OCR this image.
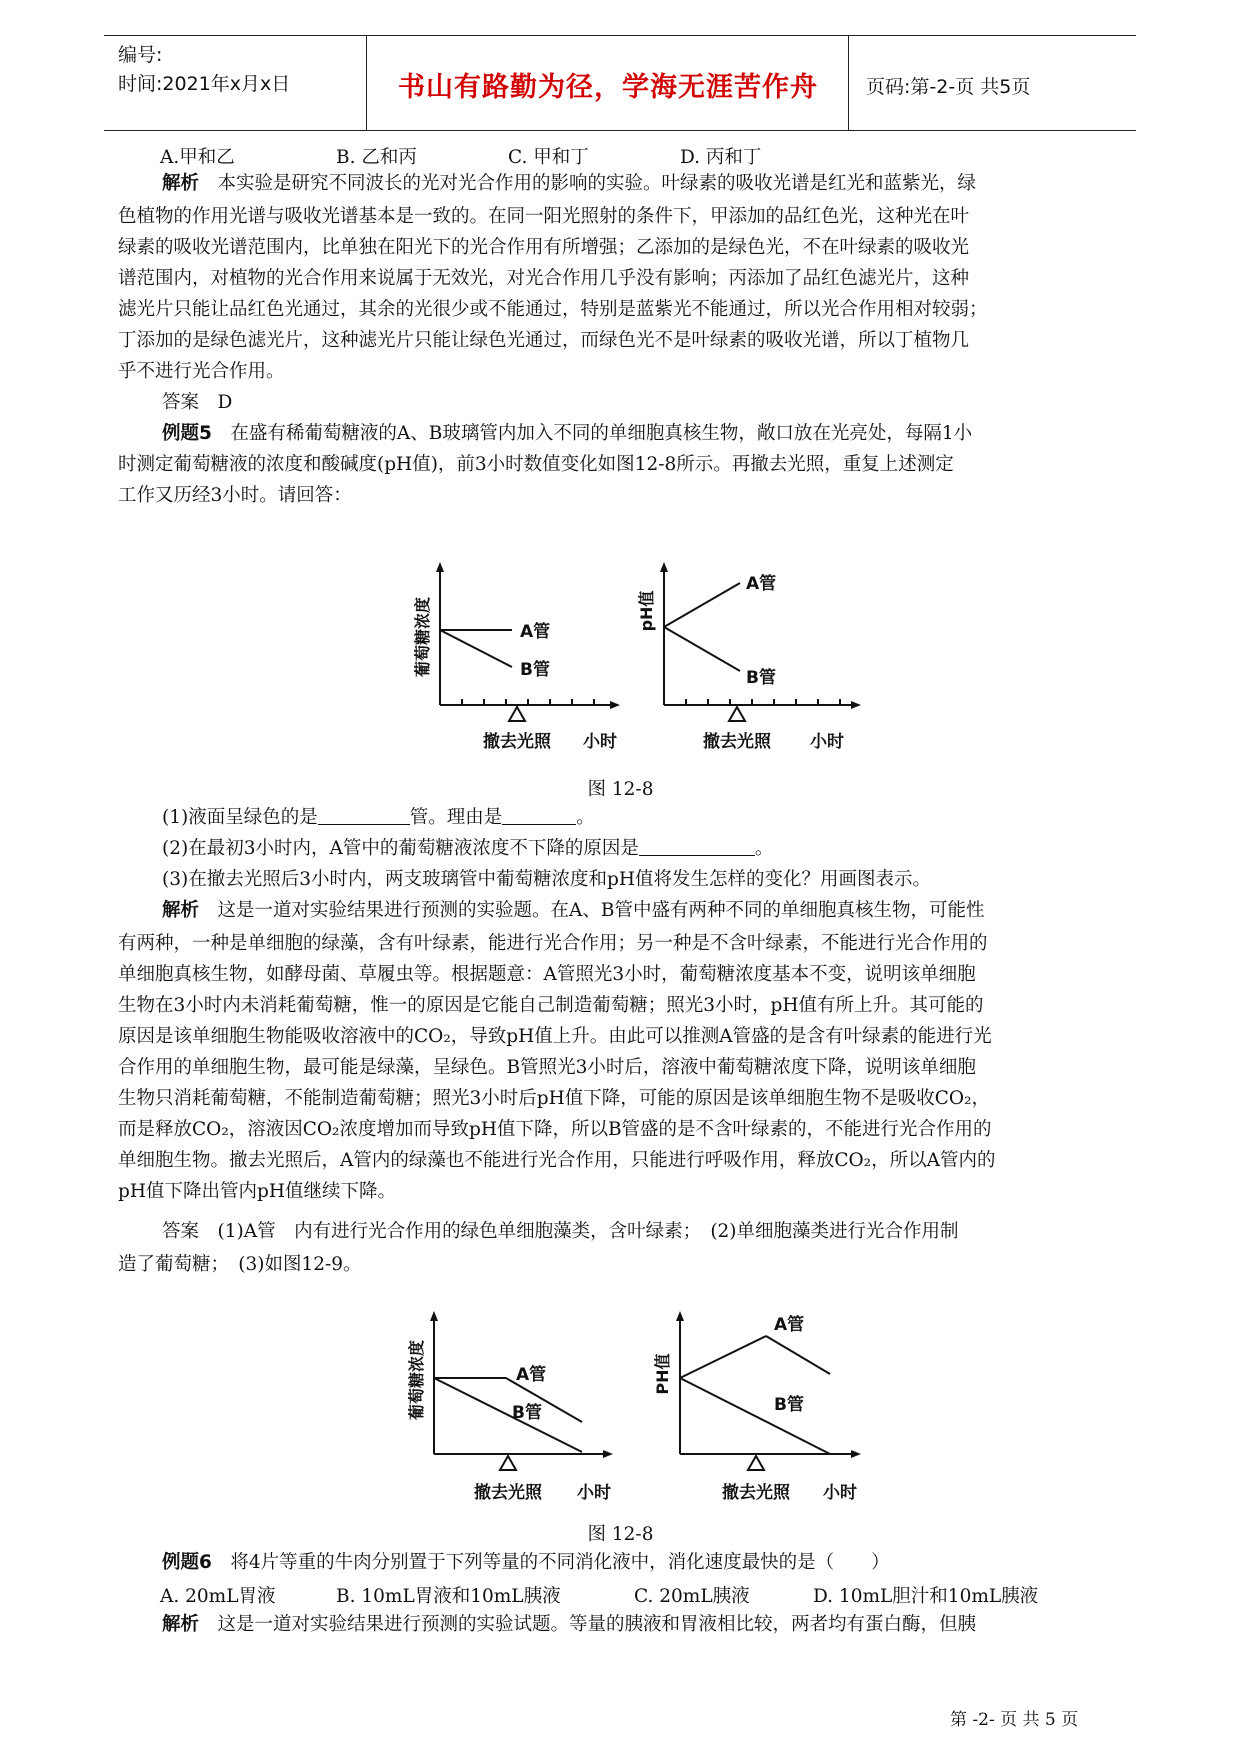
编号:
时间:2021年x月x日	书山有路勤为径，学海无涯苦作舟	页码:第-2-页 共5页
A.甲和乙	B. 乙和丙	C. 甲和丁	D. 丙和丁
解析　 本实验是研究不同波长的光对光合作用的影响的实验。叶绿素的吸收光谱是红光和蓝紫光，绿
色植物的作用光谱与吸收光谱基本是一致的。在同一阳光照射的条件下，甲添加的品红色光，这种光在叶
绿素的吸收光谱范围内，比单独在阳光下的光合作用有所增强；乙添加的是绿色光，不在叶绿素的吸收光
谱范围内，对植物的光合作用来说属于无效光，对光合作用几乎没有影响；丙添加了品红色滤光片，这种
滤光片只能让品红色光通过，其余的光很少或不能通过，特别是蓝紫光不能通过，所以光合作用相对较弱；
丁添加的是绿色滤光片，这种滤光片只能让绿色光通过，而绿色光不是叶绿素的吸收光谱，所以丁植物几
乎不进行光合作用。
答案　D
例题5　 在盛有稀葡萄糖液的A、B玻璃管内加入不同的单细胞真核生物，敞口放在光亮处，每隔1小
时测定葡萄糖液的浓度和酸碱度(pH值)，前3小时数值变化如图12-8所示。再撤去光照，重复上述测定
工作又历经3小时。请回答：
A管
B管
葡萄糖浓度
撤去光照 小时
A管
B管
pH值
撤去光照 小时
图 12-8
(1)液面呈绿色的是	管。理由是	。
(2)在最初3小时内，A管中的葡萄糖液浓度不下降的原因是	。
(3)在撤去光照后3小时内，两支玻璃管中葡萄糖浓度和pH值将发生怎样的变化？用画图表示。
解析　 这是一道对实验结果进行预测的实验题。在A、B管中盛有两种不同的单细胞真核生物，可能性
有两种，一种是单细胞的绿藻，含有叶绿素，能进行光合作用；另一种是不含叶绿素，不能进行光合作用的
单细胞真核生物，如酵母菌、草履虫等。根据题意：A管照光3小时，葡萄糖浓度基本不变，说明该单细胞
生物在3小时内未消耗葡萄糖，惟一的原因是它能自己制造葡萄糖；照光3小时，pH值有所上升。其可能的
原因是该单细胞生物能吸收溶液中的CO₂，导致pH值上升。由此可以推测A管盛的是含有叶绿素的能进行光
合作用的单细胞生物，最可能是绿藻，呈绿色。B管照光3小时后，溶液中葡萄糖浓度下降，说明该单细胞
生物只消耗葡萄糖，不能制造葡萄糖；照光3小时后pH值下降，可能的原因是该单细胞生物不是吸收CO₂，
而是释放CO₂，溶液因CO₂浓度增加而导致pH值下降，所以B管盛的是不含叶绿素的，不能进行光合作用的
单细胞生物。撤去光照后，A管内的绿藻也不能进行光合作用，只能进行呼吸作用，释放CO₂，所以A管内的
pH值下降出管内pH值继续下降。
答案　(1)A管　内有进行光合作用的绿色单细胞藻类，含叶绿素；　(2)单细胞藻类进行光合作用制
造了葡萄糖；　(3)如图12-9。
A管
B管
葡萄糖浓度
撤去光照 小时
A管
B管
PH值
撤去光照 小时
图 12-8
例题6　 将4片等重的牛肉分别置于下列等量的不同消化液中，消化速度最快的是（　　）
A. 20mL胃液	B. 10mL胃液和10mL胰液	C. 20mL胰液	D. 10mL胆汁和10mL胰液
解析　 这是一道对实验结果进行预测的实验试题。等量的胰液和胃液相比较，两者均有蛋白酶，但胰
第 -2- 页 共 5 页
